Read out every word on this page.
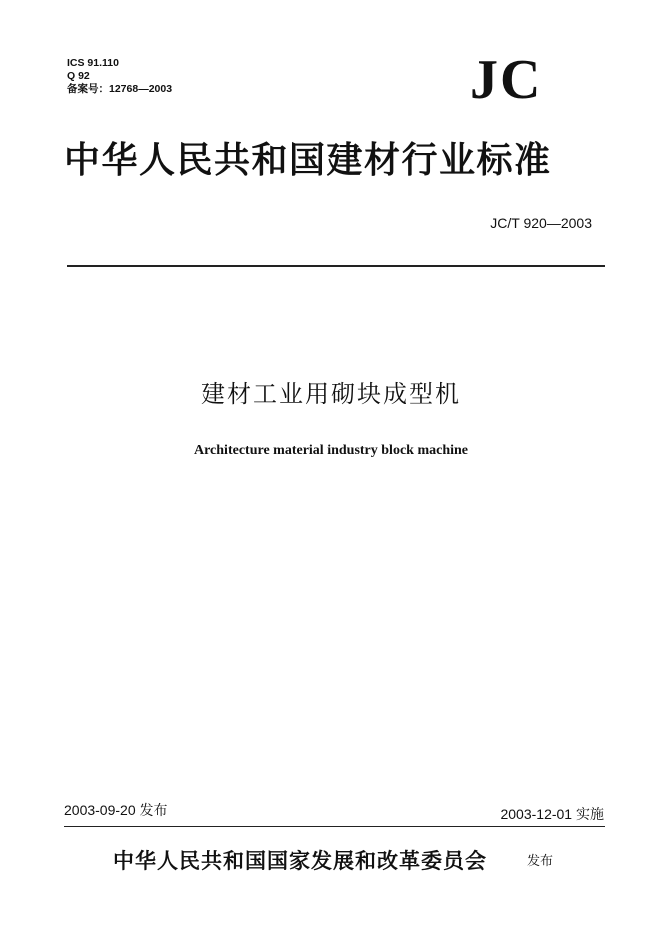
ICS 91.110
Q 92
备案号：12768—2003	JC
中华人民共和国建材行业标准
JC/T 920—2003
建材工业用砌块成型机
Architecture material industry block machine
2003-09-20 发布	2003-12-01 实施
中华人民共和国国家发展和改革委员会	发布
